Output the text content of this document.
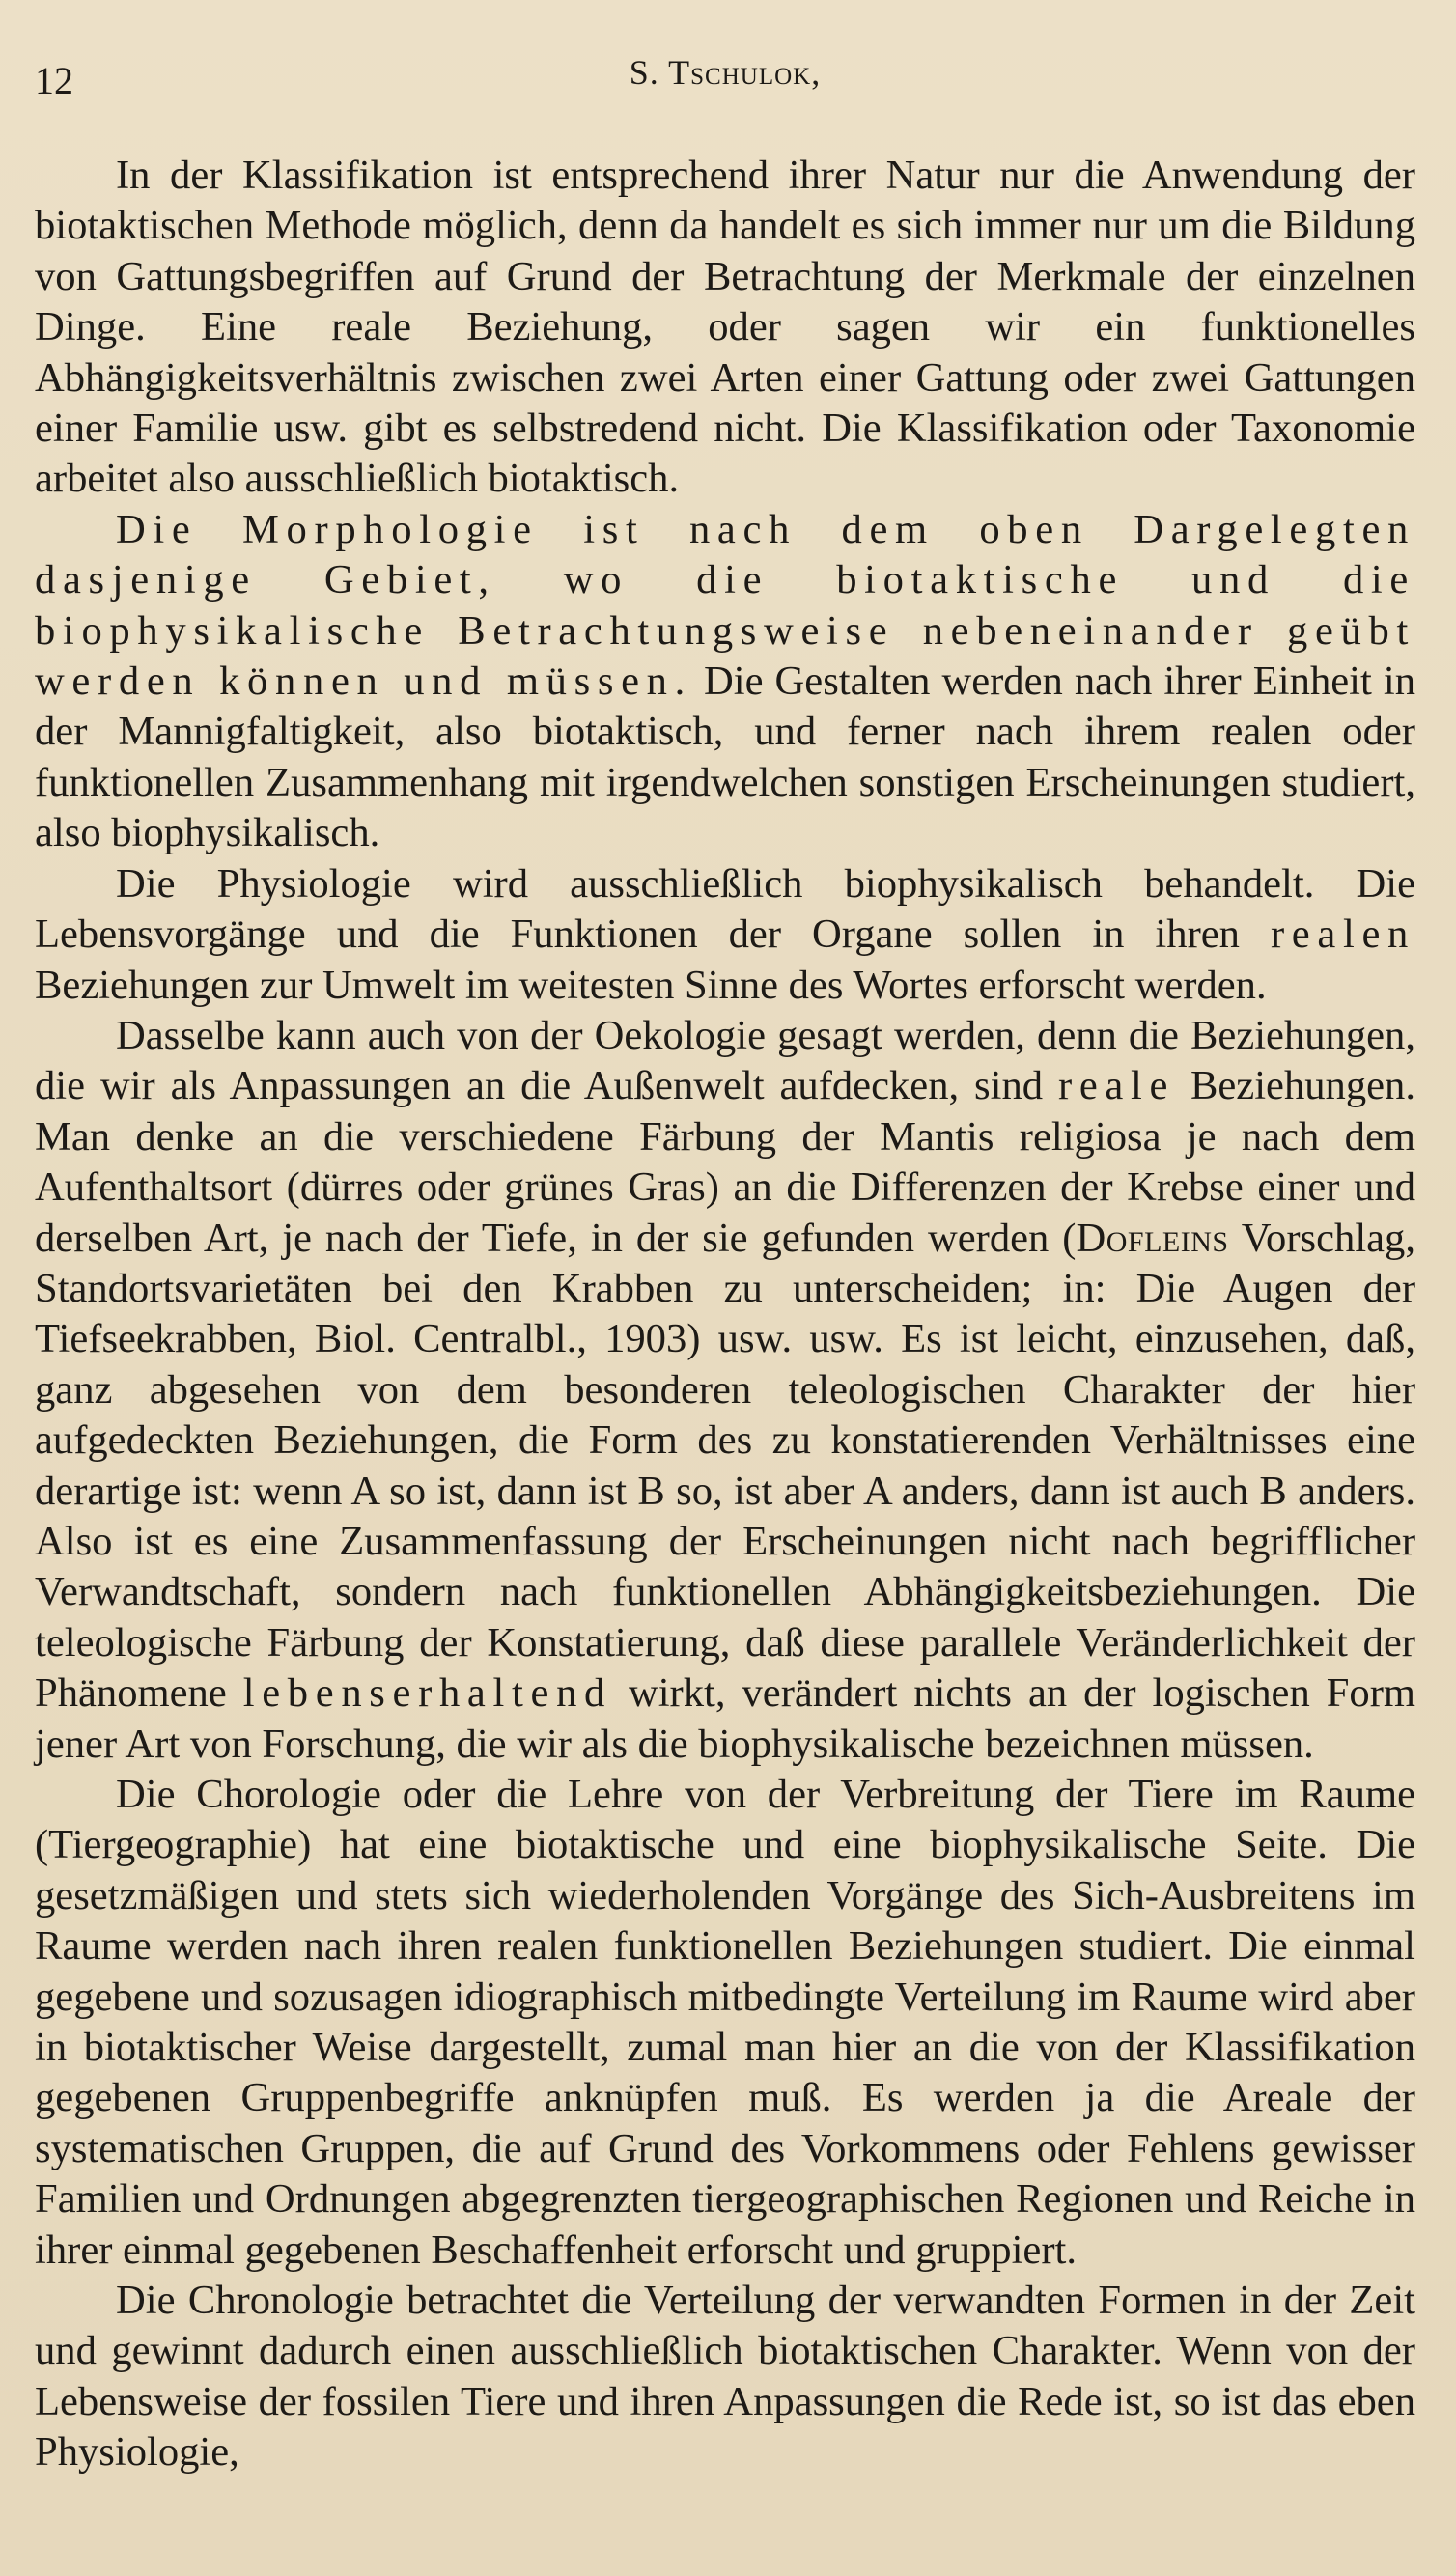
12	S. Tschulok,

In der Klassifikation ist entsprechend ihrer Natur nur die Anwendung der biotaktischen Methode möglich, denn da handelt es sich immer nur um die Bildung von Gattungsbegriffen auf Grund der Betrachtung der Merkmale der einzelnen Dinge. Eine reale Beziehung, oder sagen wir ein funktionelles Abhängigkeitsverhältnis zwischen zwei Arten einer Gattung oder zwei Gattungen einer Familie usw. gibt es selbstredend nicht. Die Klassifikation oder Taxonomie arbeitet also ausschließlich biotaktisch.

Die Morphologie ist nach dem oben Dargelegten dasjenige Gebiet, wo die biotaktische und die biophysikalische Betrachtungsweise nebeneinander geübt werden können und müssen. Die Gestalten werden nach ihrer Einheit in der Mannigfaltigkeit, also biotaktisch, und ferner nach ihrem realen oder funktionellen Zusammenhang mit irgendwelchen sonstigen Erscheinungen studiert, also biophysikalisch.

Die Physiologie wird ausschließlich biophysikalisch behandelt. Die Lebensvorgänge und die Funktionen der Organe sollen in ihren realen Beziehungen zur Umwelt im weitesten Sinne des Wortes erforscht werden.

Dasselbe kann auch von der Oekologie gesagt werden, denn die Beziehungen, die wir als Anpassungen an die Außenwelt aufdecken, sind reale Beziehungen. Man denke an die verschiedene Färbung der Mantis religiosa je nach dem Aufenthaltsort (dürres oder grünes Gras) an die Differenzen der Krebse einer und derselben Art, je nach der Tiefe, in der sie gefunden werden (Dofleins Vorschlag, Standortsvarietäten bei den Krabben zu unterscheiden; in: Die Augen der Tiefseekrabben, Biol. Centralbl., 1903) usw. usw. Es ist leicht, einzusehen, daß, ganz abgesehen von dem besonderen teleologischen Charakter der hier aufgedeckten Beziehungen, die Form des zu konstatierenden Verhältnisses eine derartige ist: wenn A so ist, dann ist B so, ist aber A anders, dann ist auch B anders. Also ist es eine Zusammenfassung der Erscheinungen nicht nach begrifflicher Verwandtschaft, sondern nach funktionellen Abhängigkeitsbeziehungen. Die teleologische Färbung der Konstatierung, daß diese parallele Veränderlichkeit der Phänomene lebenserhaltend wirkt, verändert nichts an der logischen Form jener Art von Forschung, die wir als die biophysikalische bezeichnen müssen.

Die Chorologie oder die Lehre von der Verbreitung der Tiere im Raume (Tiergeographie) hat eine biotaktische und eine biophysikalische Seite. Die gesetzmäßigen und stets sich wiederholenden Vorgänge des Sich-Ausbreitens im Raume werden nach ihren realen funktionellen Beziehungen studiert. Die einmal gegebene und sozusagen idiographisch mitbedingte Verteilung im Raume wird aber in biotaktischer Weise dargestellt, zumal man hier an die von der Klassifikation gegebenen Gruppenbegriffe anknüpfen muß. Es werden ja die Areale der systematischen Gruppen, die auf Grund des Vorkommens oder Fehlens gewisser Familien und Ordnungen abgegrenzten tiergeographischen Regionen und Reiche in ihrer einmal gegebenen Beschaffenheit erforscht und gruppiert.

Die Chronologie betrachtet die Verteilung der verwandten Formen in der Zeit und gewinnt dadurch einen ausschließlich biotaktischen Charakter. Wenn von der Lebensweise der fossilen Tiere und ihren Anpassungen die Rede ist, so ist das eben Physiologie,
